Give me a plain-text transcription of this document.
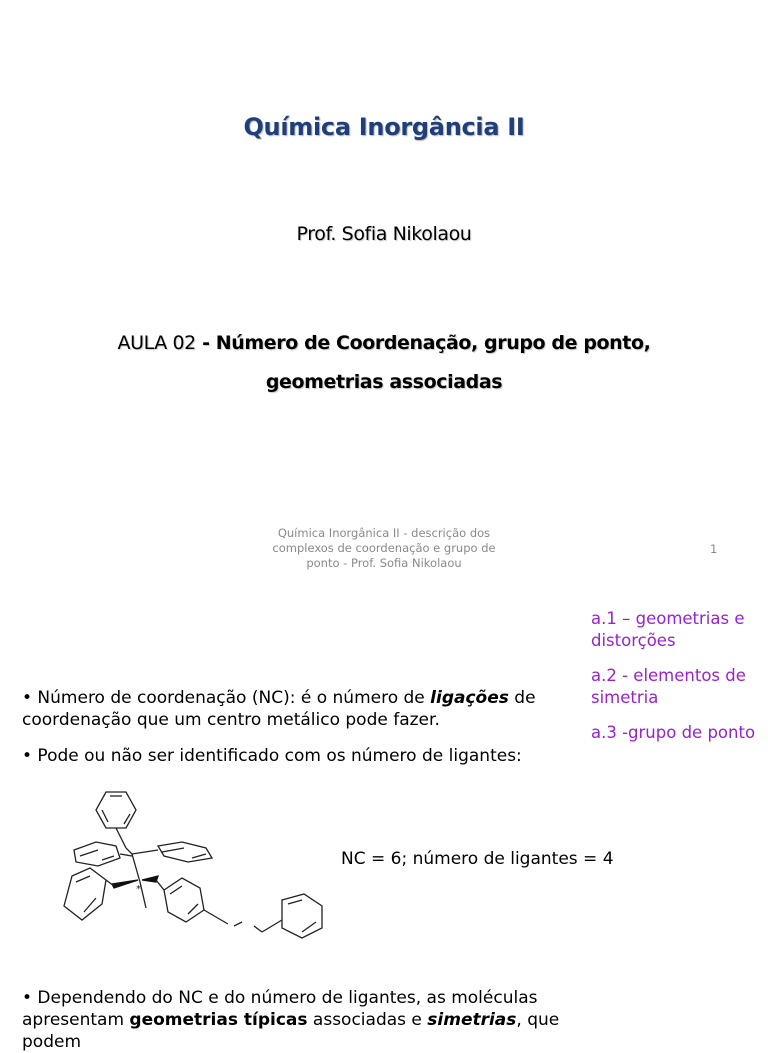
Química Inorgância II
Prof. Sofia Nikolaou
AULA 02 - Número de Coordenação, grupo de ponto,
geometrias associadas
Química Inorgânica II - descrição dos
complexos de coordenação e grupo de
ponto - Prof. Sofia Nikolaou
1
a.1 – geometrias e distorções
a.2 - elementos de simetria
a.3 -grupo de ponto
• Número de coordenação (NC): é o número de ligações de coordenação que um centro metálico pode fazer.
• Pode ou não ser identificado com os número de ligantes:
*
NC = 6; número de ligantes = 4
• Dependendo do NC e do número de ligantes, as moléculas apresentam geometrias típicas associadas e simetrias, que podem
